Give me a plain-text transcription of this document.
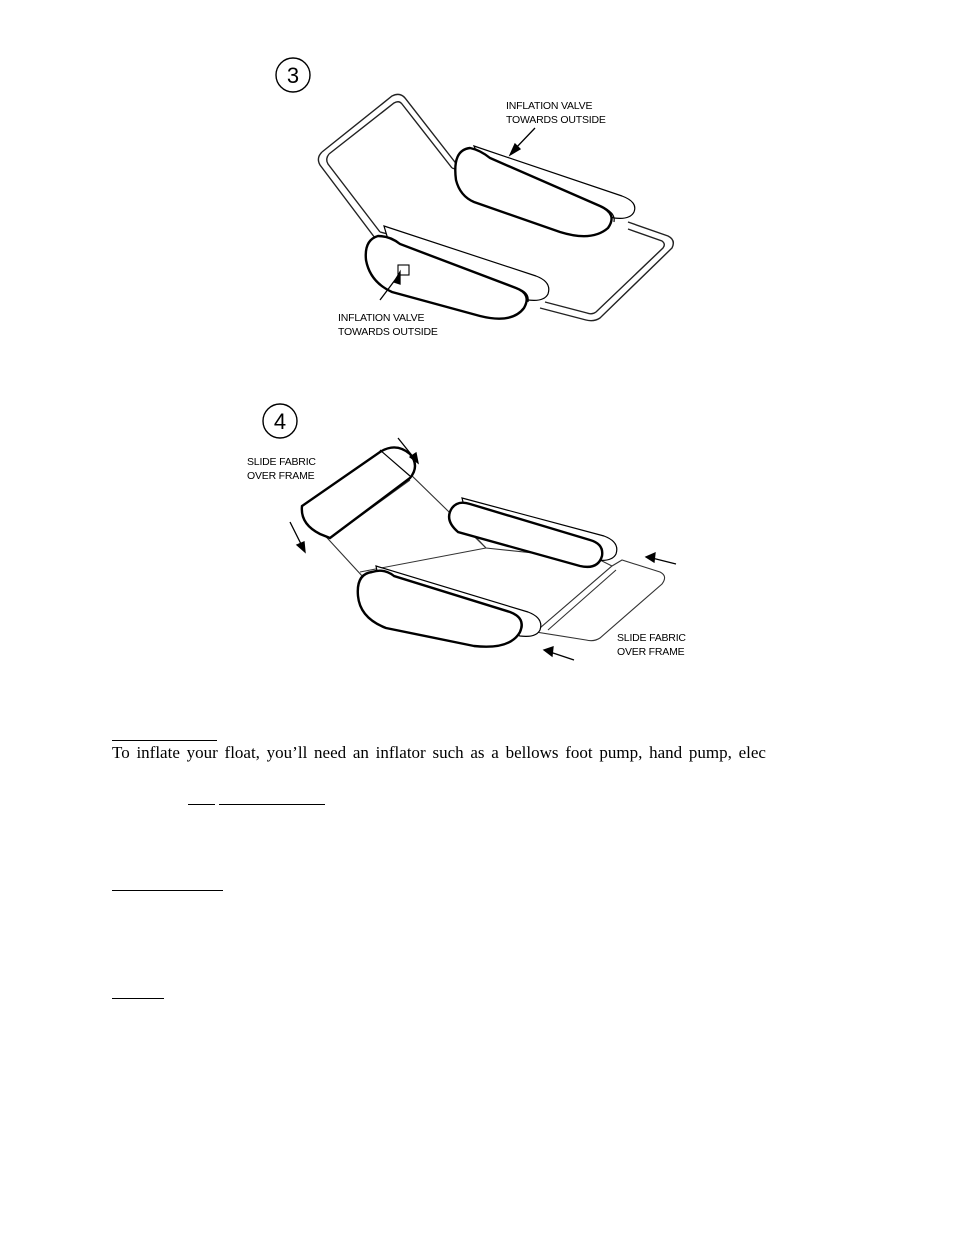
3
INFLATION VALVE
TOWARDS OUTSIDE
INFLATION VALVE
TOWARDS OUTSIDE
4
SLIDE FABRIC
OVER FRAME
SLIDE FABRIC
OVER FRAME
To inflate your float, you’ll need an inflator such as a bellows foot pump, hand pump, elec
